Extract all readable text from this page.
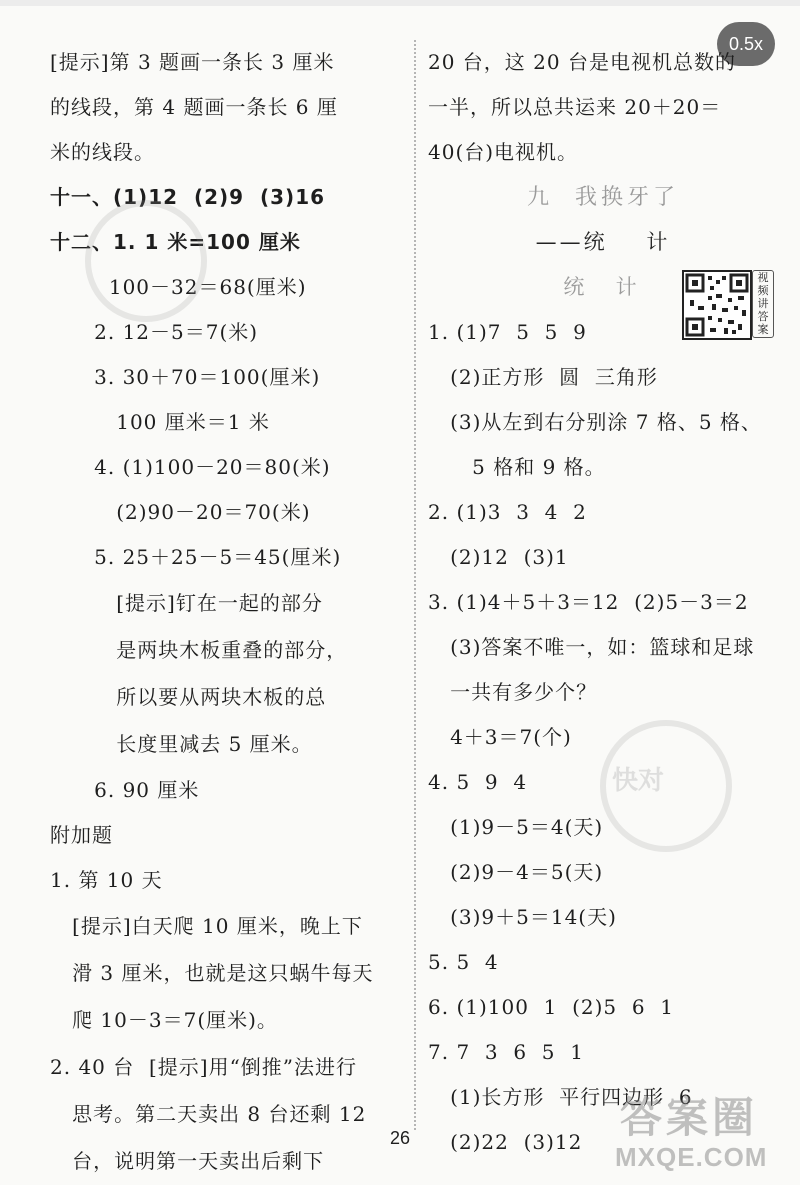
0.5x
[提示]第 3 题画一条长 3 厘米
的线段，第 4 题画一条长 6 厘
米的线段。
十一、(1)12  (2)9  (3)16
十二、1. 1 米=100 厘米
100－32＝68(厘米)
2. 12－5＝7(米)
3. 30＋70＝100(厘米)
100 厘米＝1 米
4. (1)100－20＝80(米)
(2)90－20＝70(米)
5. 25＋25－5＝45(厘米)
[提示]钉在一起的部分
是两块木板重叠的部分，
所以要从两块木板的总
长度里减去 5 厘米。
6. 90 厘米
附加题
1. 第 10 天
[提示]白天爬 10 厘米，晚上下
滑 3 厘米，也就是这只蜗牛每天
爬 10－3＝7(厘米)。
2. 40 台  [提示]用“倒推”法进行
思考。第二天卖出 8 台还剩 12
台，说明第一天卖出后剩下
20 台，这 20 台是电视机总数的
一半，所以总共运来 20＋20＝
40(台)电视机。
九  我换牙了
——统    计
统  计
1. (1)7  5  5  9
(2)正方形  圆  三角形
(3)从左到右分别涂 7 格、5 格、
5 格和 9 格。
2. (1)3  3  4  2
(2)12  (3)1
3. (1)4＋5＋3＝12  (2)5－3＝2
(3)答案不唯一，如：篮球和足球
一共有多少个？
4＋3＝7(个)
4. 5  9  4
(1)9－5＝4(天)
(2)9－4＝5(天)
(3)9＋5＝14(天)
5. 5  4
6. (1)100  1  (2)5  6  1
7. 7  3  6  5  1
(1)长方形  平行四边形  6
(2)22  (3)12
视频讲答案
快对
26	答案圈
MXQE.COM
